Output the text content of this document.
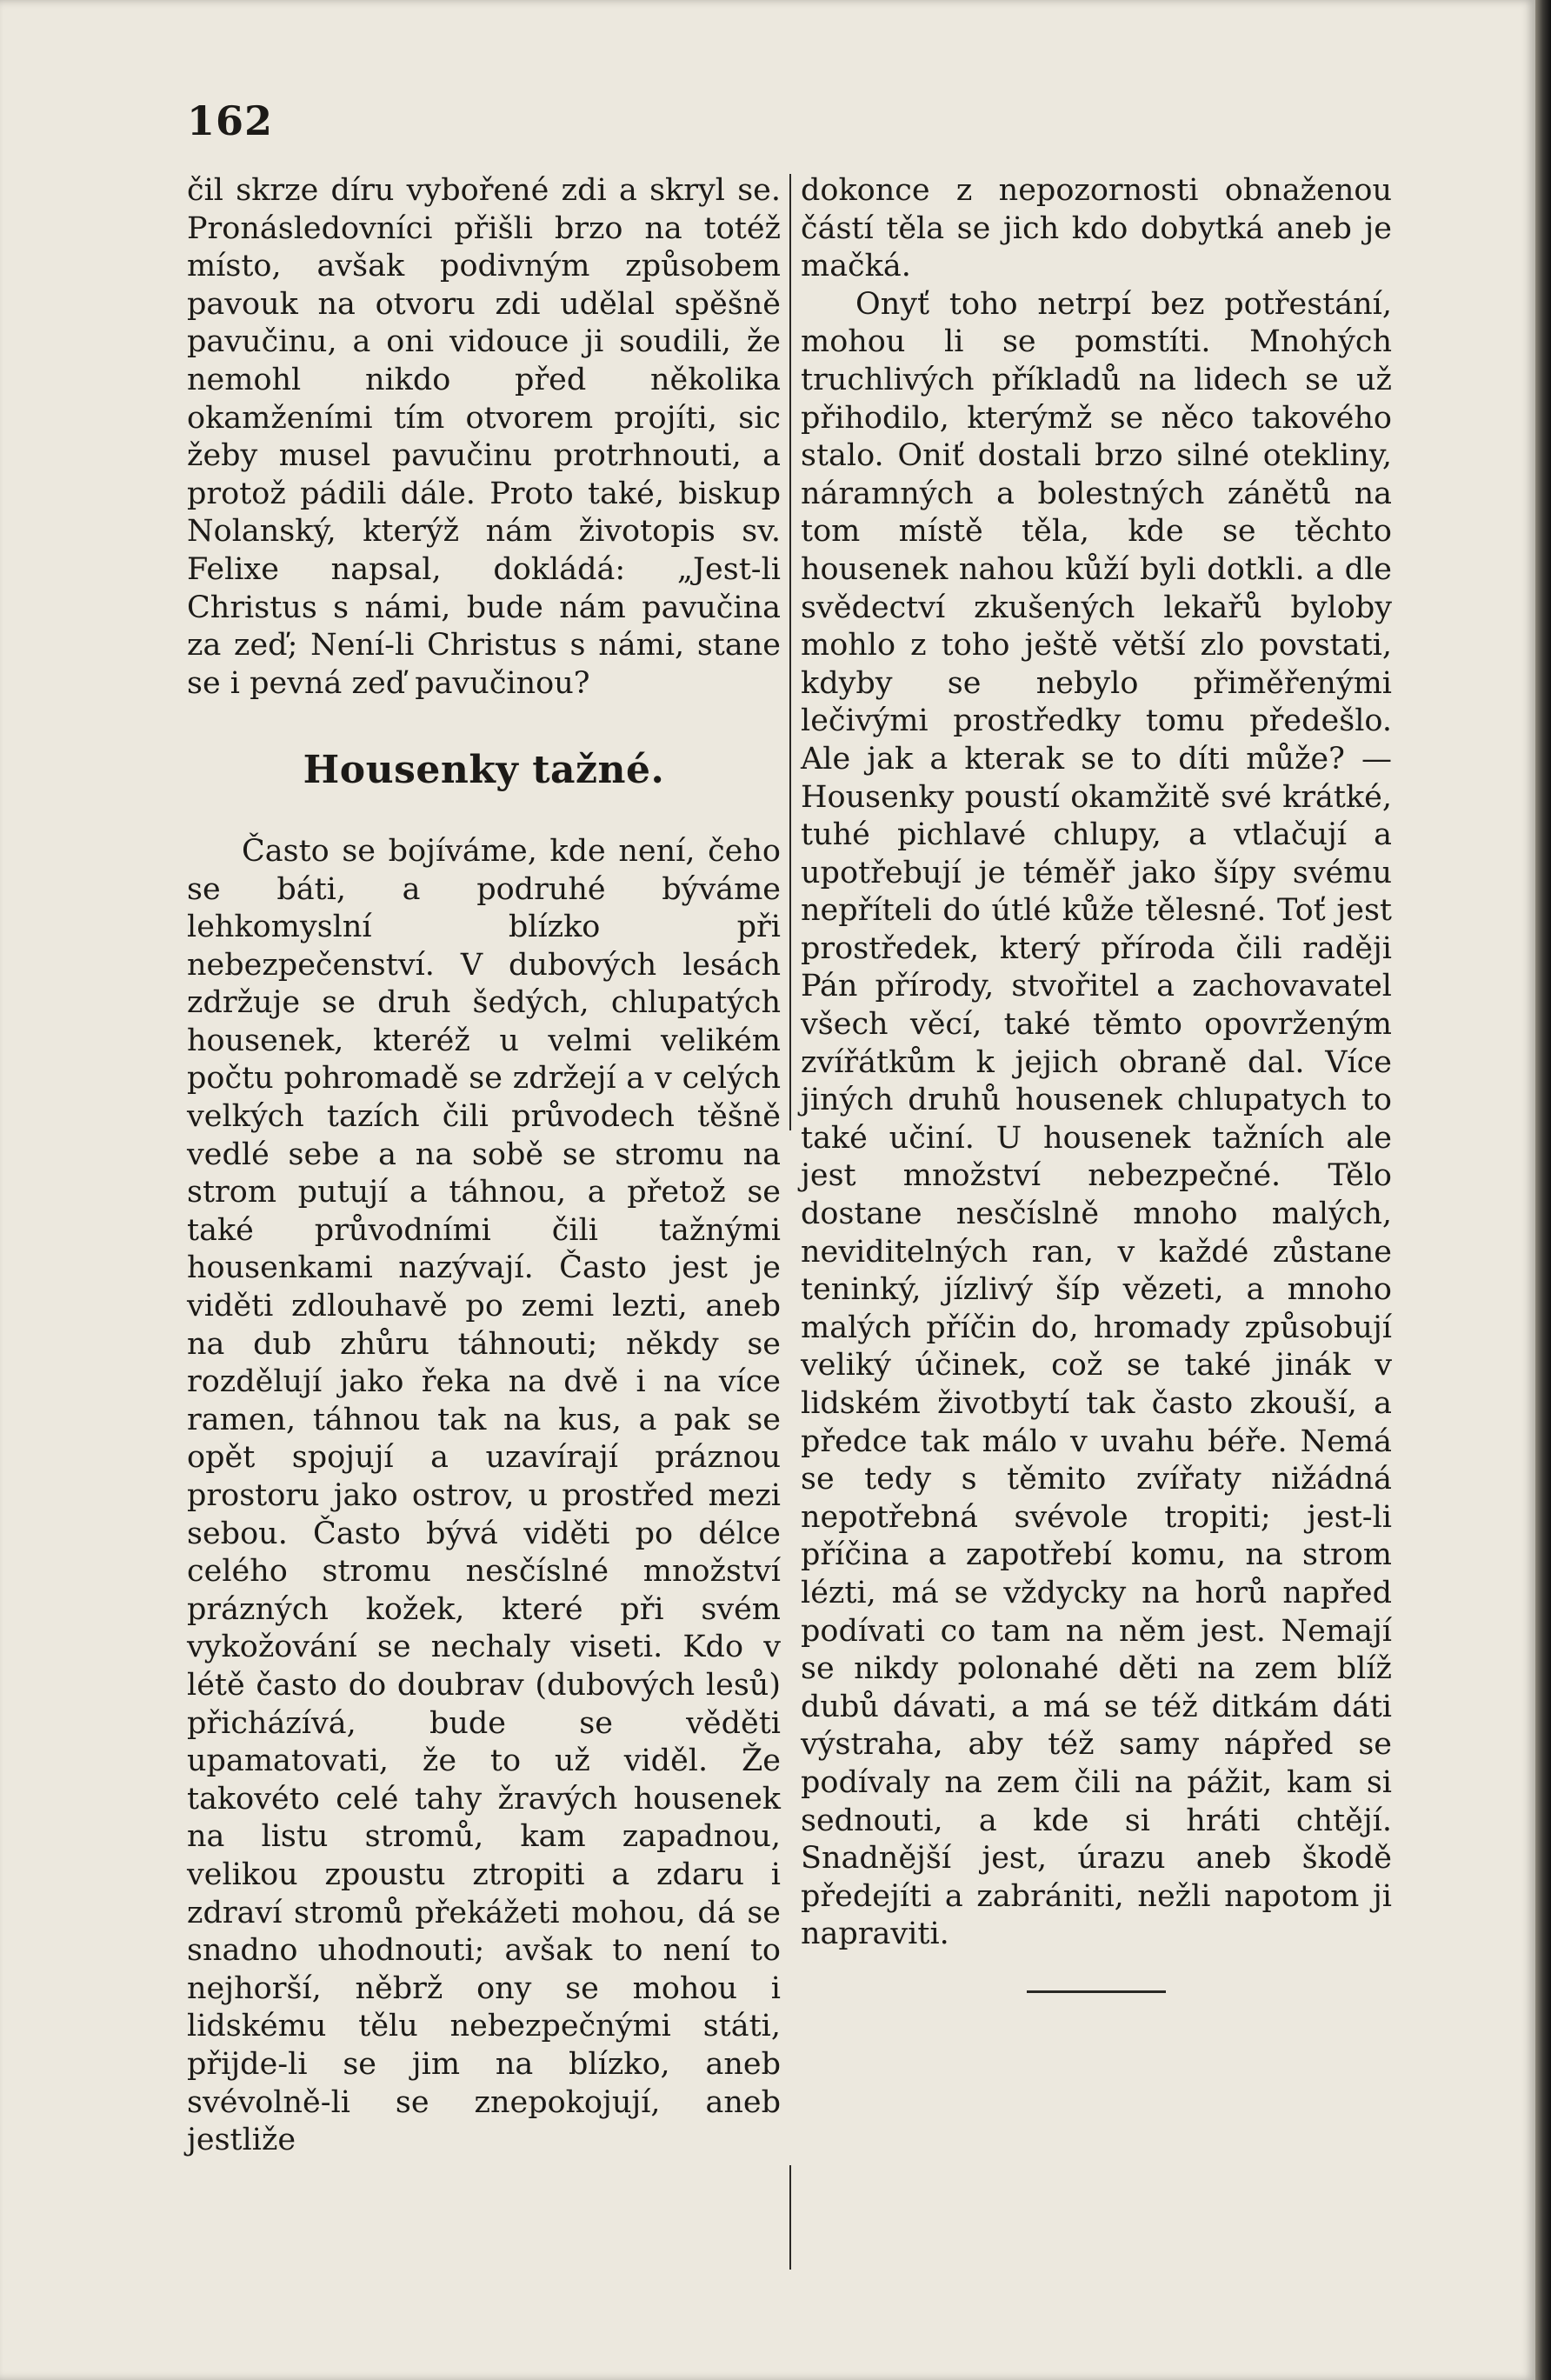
162

čil skrze díru vybořené zdi a skryl se. Pronásledovníci přišli brzo na totéž místo, avšak podivným způsobem pavouk na otvoru zdi udělal spěšně pavučinu, a oni vidouce ji soudili, že nemohl nikdo před několika okamženími tím otvorem projíti, sic žeby musel pavučinu protrhnouti, a protož pádili dále. Proto také, biskup Nolanský, kterýž nám životopis sv. Felixe napsal, dokládá: „Jest-li Christus s námi, bude nám pavučina za zeď; Není-li Christus s námi, stane se i pevná zeď pavučinou?

Housenky tažné.

Často se bojíváme, kde není, čeho se báti, a podruhé býváme lehkomyslní blízko při nebezpečenství. V dubových lesách zdržuje se druh šedých, chlupatých housenek, kteréž u velmi velikém počtu pohromadě se zdržejí a v celých velkých tazích čili průvodech těšně vedlé sebe a na sobě se stromu na strom putují a táhnou, a přetož se také průvodními čili tažnými housenkami nazývají. Často jest je viděti zdlouhavě po zemi lezti, aneb na dub zhůru táhnouti; někdy se rozdělují jako řeka na dvě i na více ramen, táhnou tak na kus, a pak se opět spojují a uzavírají práznou prostoru jako ostrov, u prostřed mezi sebou. Často bývá viděti po délce celého stromu nesčíslné množství prázných kožek, které při svém vykožování se nechaly viseti. Kdo v létě často do doubrav (dubových lesů) přicházívá, bude se věděti upamatovati, že to už viděl. Že takovéto celé tahy žravých housenek na listu stromů, kam zapadnou, velikou zpoustu ztropiti a zdaru i zdraví stromů překážeti mohou, dá se snadno uhodnouti; avšak to není to nejhorší, něbrž ony se mohou i lidskému tělu nebezpečnými státi, přijde-li se jim na blízko, aneb svévolně-li se znepokojují, aneb jestliže

dokonce z nepozornosti obnaženou částí těla se jich kdo dobytká aneb je mačká.

Onyť toho netrpí bez potřestání, mohou li se pomstíti. Mnohých truchlivých příkladů na lidech se už přihodilo, kterýmž se něco takového stalo. Oniť dostali brzo silné otekliny, náramných a bolestných zánětů na tom místě těla, kde se těchto housenek nahou kůží byli dotkli. a dle svědectví zkušených lekařů byloby mohlo z toho ještě větší zlo povstati, kdyby se nebylo přiměřenými lečivými prostředky tomu předešlo. Ale jak a kterak se to díti může? — Housenky poustí okamžitě své krátké, tuhé pichlavé chlupy, a vtlačují a upotřebují je téměř jako šípy svému nepříteli do útlé kůže tělesné. Toť jest prostředek, který příroda čili raději Pán přírody, stvořitel a zachovavatel všech věcí, také těmto opovrženým zvířátkům k jejich obraně dal. Více jiných druhů housenek chlupatych to také učiní. U housenek tažních ale jest množství nebezpečné. Tělo dostane nesčíslně mnoho malých, neviditelných ran, v každé zůstane teninký, jízlivý šíp vězeti, a mnoho malých příčin do, hromady způsobují veliký účinek, což se také jinák v lidském životbytí tak často zkouší, a předce tak málo v uvahu béře. Nemá se tedy s těmito zvířaty nižádná nepotřebná svévole tropiti; jest-li příčina a zapotřebí komu, na strom lézti, má se vždycky na horů napřed podívati co tam na něm jest. Nemají se nikdy polonahé děti na zem blíž dubů dávati, a má se též ditkám dáti výstraha, aby též samy nápřed se podívaly na zem čili na pážit, kam si sednouti, a kde si hráti chtějí. Snadnější jest, úrazu aneb škodě předejíti a zabrániti, nežli napotom ji napraviti.
